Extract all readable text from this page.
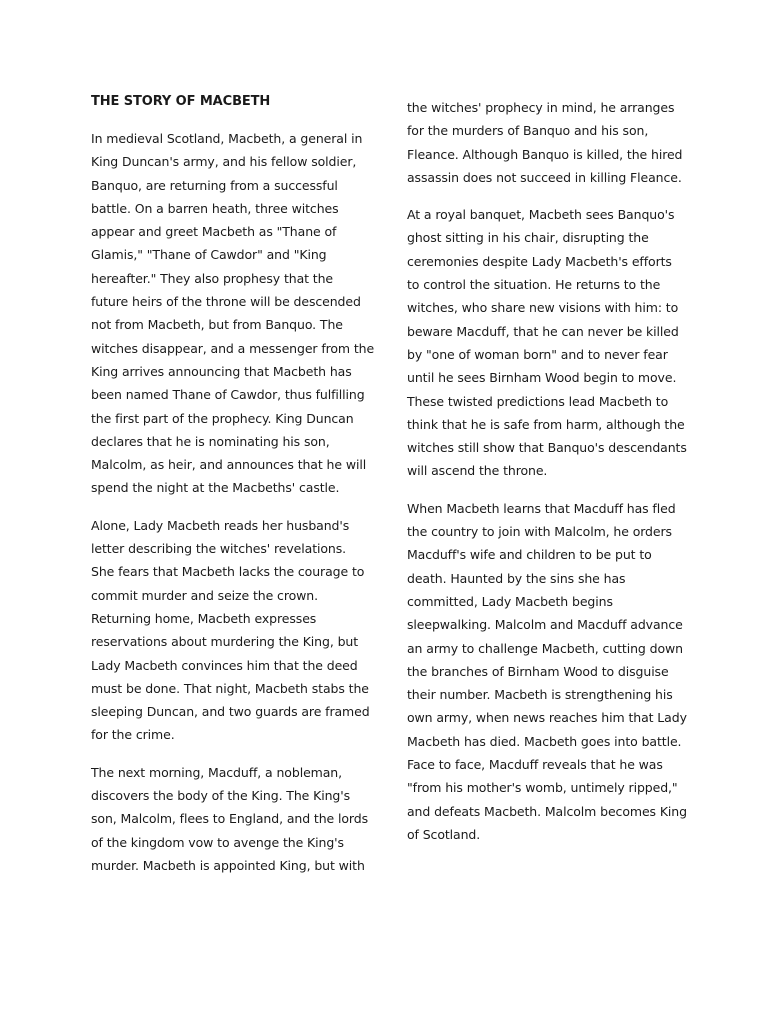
THE STORY OF MACBETH

In medieval Scotland, Macbeth, a general in
King Duncan's army, and his fellow soldier,
Banquo, are returning from a successful
battle. On a barren heath, three witches
appear and greet Macbeth as "Thane of
Glamis," "Thane of Cawdor" and "King
hereafter." They also prophesy that the
future heirs of the throne will be descended
not from Macbeth, but from Banquo. The
witches disappear, and a messenger from the
King arrives announcing that Macbeth has
been named Thane of Cawdor, thus fulfilling
the first part of the prophecy. King Duncan
declares that he is nominating his son,
Malcolm, as heir, and announces that he will
spend the night at the Macbeths' castle.

Alone, Lady Macbeth reads her husband's
letter describing the witches' revelations.
She fears that Macbeth lacks the courage to
commit murder and seize the crown.
Returning home, Macbeth expresses
reservations about murdering the King, but
Lady Macbeth convinces him that the deed
must be done. That night, Macbeth stabs the
sleeping Duncan, and two guards are framed
for the crime.

The next morning, Macduff, a nobleman,
discovers the body of the King. The King's
son, Malcolm, flees to England, and the lords
of the kingdom vow to avenge the King's
murder. Macbeth is appointed King, but with

the witches' prophecy in mind, he arranges
for the murders of Banquo and his son,
Fleance. Although Banquo is killed, the hired
assassin does not succeed in killing Fleance.

At a royal banquet, Macbeth sees Banquo's
ghost sitting in his chair, disrupting the
ceremonies despite Lady Macbeth's efforts
to control the situation. He returns to the
witches, who share new visions with him: to
beware Macduff, that he can never be killed
by "one of woman born" and to never fear
until he sees Birnham Wood begin to move.
These twisted predictions lead Macbeth to
think that he is safe from harm, although the
witches still show that Banquo's descendants
will ascend the throne.

When Macbeth learns that Macduff has fled
the country to join with Malcolm, he orders
Macduff's wife and children to be put to
death. Haunted by the sins she has
committed, Lady Macbeth begins
sleepwalking. Malcolm and Macduff advance
an army to challenge Macbeth, cutting down
the branches of Birnham Wood to disguise
their number. Macbeth is strengthening his
own army, when news reaches him that Lady
Macbeth has died. Macbeth goes into battle.
Face to face, Macduff reveals that he was
"from his mother's womb, untimely ripped,"
and defeats Macbeth. Malcolm becomes King
of Scotland.
